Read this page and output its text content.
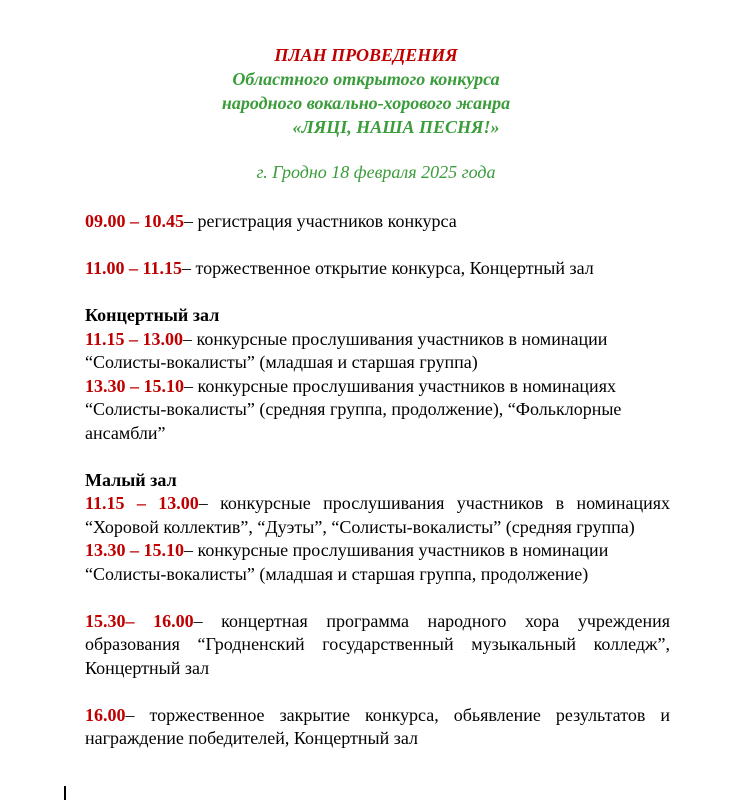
ПЛАН ПРОВЕДЕНИЯ
Областного открытого конкурса
народного вокально-хорового жанра
«ЛЯЦІ, НАША ПЕСНЯ!»
г. Гродно 18 февраля 2025 года

09.00 – 10.45– регистрация участников конкурса

11.00 – 11.15– торжественное открытие конкурса, Концертный зал

Концертный зал

11.15 – 13.00– конкурсные прослушивания участников в номинации “Солисты-вокалисты” (младшая и старшая группа)

13.30 – 15.10– конкурсные прослушивания участников в номинациях “Солисты-вокалисты” (средняя группа, продолжение), “Фольклорные ансамбли”

Малый зал

11.15 – 13.00– конкурсные прослушивания участников в номинациях “Хоровой коллектив”, “Дуэты”, “Солисты-вокалисты” (средняя группа)

13.30 – 15.10– конкурсные прослушивания участников в номинации “Солисты-вокалисты” (младшая и старшая группа, продолжение)

15.30– 16.00– концертная программа народного хора учреждения образования “Гродненский государственный музыкальный колледж”, Концертный зал

16.00– торжественное закрытие конкурса, обьявление результатов и награждение победителей, Концертный зал
